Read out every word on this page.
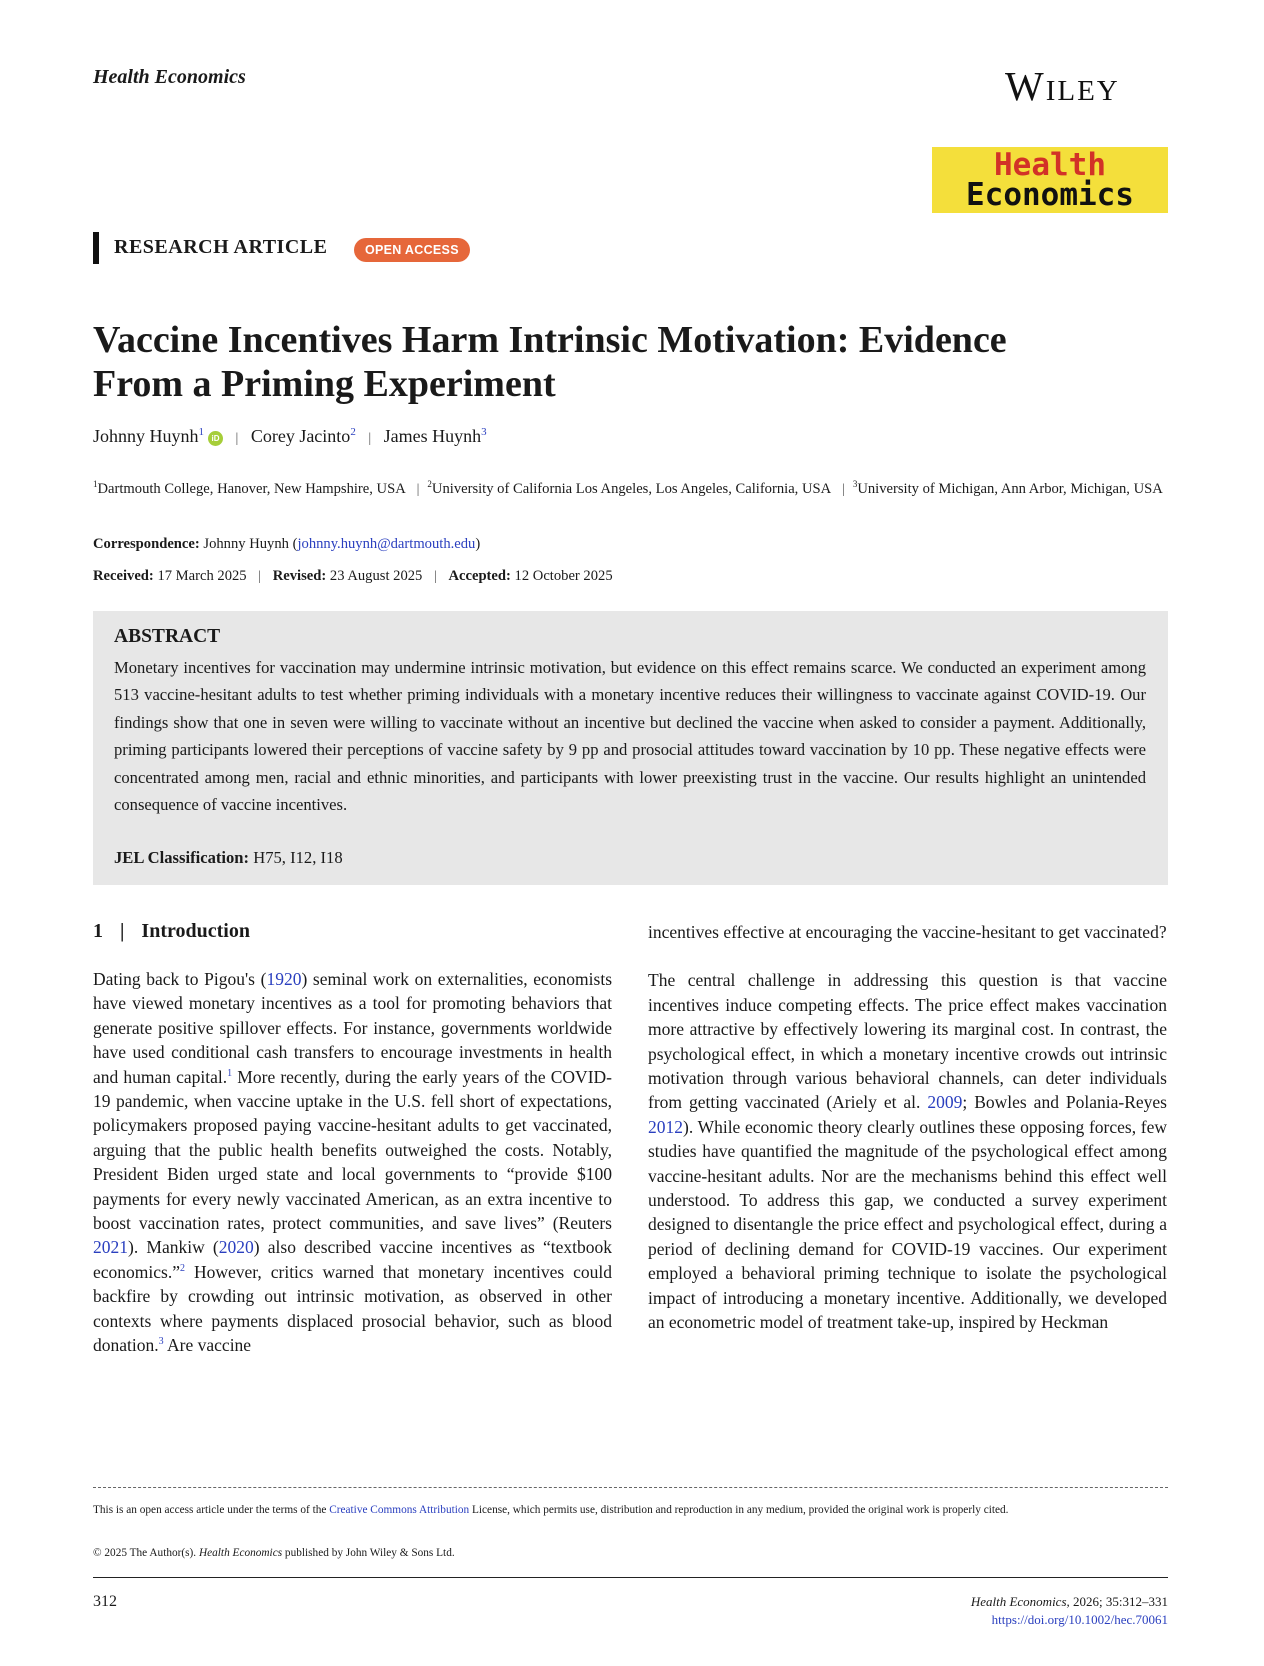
Health Economics	Wiley
Health
Economics
RESEARCH ARTICLE	OPEN ACCESS
Vaccine Incentives Harm Intrinsic Motivation: Evidence
From a Priming Experiment
Johnny Huynh$^1$iD | Corey Jacinto$^2$ | James Huynh$^3$
$^1$Dartmouth College, Hanover, New Hampshire, USA | $^2$University of California Los Angeles, Los Angeles, California, USA | $^3$University of Michigan, Ann Arbor, Michigan, USA
Correspondence: Johnny Huynh (johnny.huynh@dartmouth.edu)
Received: 17 March 2025 | Revised: 23 August 2025 | Accepted: 12 October 2025
ABSTRACT
Monetary incentives for vaccination may undermine intrinsic motivation, but evidence on this effect remains scarce. We conducted an experiment among 513 vaccine-hesitant adults to test whether priming individuals with a monetary incentive reduces their willingness to vaccinate against COVID-19. Our findings show that one in seven were willing to vaccinate without an incentive but declined the vaccine when asked to consider a payment. Additionally, priming participants lowered their perceptions of vaccine safety by 9 pp and prosocial attitudes toward vaccination by 10 pp. These negative effects were concentrated among men, racial and ethnic minorities, and participants with lower preexisting trust in the vaccine. Our results highlight an unintended consequence of vaccine incentives.
JEL Classification: H75, I12, I18
1 | Introduction

Dating back to Pigou's (1920) seminal work on externalities, economists have viewed monetary incentives as a tool for promoting behaviors that generate positive spillover effects. For instance, governments worldwide have used conditional cash transfers to encourage investments in health and human capital.$^1$ More recently, during the early years of the COVID-19 pandemic, when vaccine uptake in the U.S. fell short of expectations, policymakers proposed paying vaccine-hesitant adults to get vaccinated, arguing that the public health benefits outweighed the costs. Notably, President Biden urged state and local governments to “provide $100 payments for every newly vaccinated American, as an extra incentive to boost vaccination rates, protect communities, and save lives” (Reuters 2021). Mankiw (2020) also described vaccine incentives as “textbook economics.”$^2$ However, critics warned that monetary incentives could backfire by crowding out intrinsic motivation, as observed in other contexts where payments displaced prosocial behavior, such as blood donation.$^3$ Are vaccine

incentives effective at encouraging the vaccine-hesitant to get vaccinated?

The central challenge in addressing this question is that vaccine incentives induce competing effects. The price effect makes vaccination more attractive by effectively lowering its marginal cost. In contrast, the psychological effect, in which a monetary incentive crowds out intrinsic motivation through various behavioral channels, can deter individuals from getting vaccinated (Ariely et al. 2009; Bowles and Polania-Reyes 2012). While economic theory clearly outlines these opposing forces, few studies have quantified the magnitude of the psychological effect among vaccine-hesitant adults. Nor are the mechanisms behind this effect well understood. To address this gap, we conducted a survey experiment designed to disentangle the price effect and psychological effect, during a period of declining demand for COVID-19 vaccines. Our experiment employed a behavioral priming technique to isolate the psychological impact of introducing a monetary incentive. Additionally, we developed an econometric model of treatment take-up, inspired by Heckman

This is an open access article under the terms of the Creative Commons Attribution License, which permits use, distribution and reproduction in any medium, provided the original work is properly cited.
© 2025 The Author(s). Health Economics published by John Wiley & Sons Ltd.
312	Health Economics, 2026; 35:312–331
https://doi.org/10.1002/hec.70061
